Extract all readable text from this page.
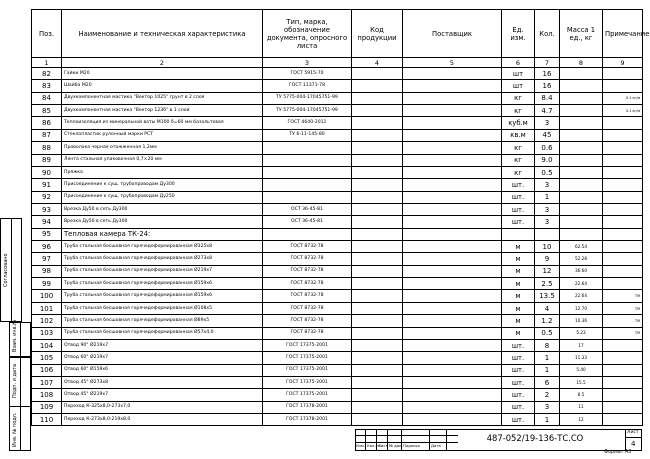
Поз.	Наименование и техническая характеристика	Тип, марка, обозначение документа, опросного листа	Код продукции	Поставщик	Ед. изм.	Кол.	Масса 1 ед., кг	Примечание
1	2	3	4	5	6	7	8	9
82	Гайки М20	ГОСТ 5915-70			шт	16		
83	Шайба М20	ГОСТ 11371-78			шт	16		
84	Двухкомпонентная мастика "Вектор 1025" грунт в 2 слоя	ТУ 5775-004-17045751-99			кг	8.4		0.1 кг/м
85	Двухкомпонентная мастика "Вектор 1236" в 1 слой	ТУ 5775-004-17045751-99			кг	4.7		0.1 кг/м
86	Теплоизоляция из минеральной ваты М100 δ=60 мм базальтовая	ГОСТ 4640-2011			куб.м	3		
87	Стеклопластик рулонный марки РСТ	ТУ 6-11-145-80			кв.м	45		
88	Проволока черная отожженная 1,2мм				кг	0.6		
89	Лента стальная упаковочная 0,7×20 мм				кг	9.0		
90	Пряжка				кг	0.5		
91	Присоединение к сущ. трубопроводам Ду300				шт.	3		
92	Присоединение к сущ. трубопроводам Ду250				шт.	1		
93	Врезка Ду50 в сеть Ду300	ОСТ 36-45-81			шт.	3		
94	Врезка Ду50 в сеть Ду300	ОСТ 36-45-81			шт.	3		
95	Тепловая камера ТК-24:							
96	Труба стальная бесшовная горячедеформированная Ø325х8	ГОСТ 8732-78			м	10	62.54	
97	Труба стальная бесшовная горячедеформированная Ø273х8	ГОСТ 8732-78			м	9	52.28	
98	Труба стальная бесшовная горячедеформированная Ø219х7	ГОСТ 8732-78			м	12	36.60	
99	Труба стальная бесшовная горячедеформированная Ø159х6	ГОСТ 8732-78			м	2.5	22.64	
100	Труба стальная бесшовная горячедеформированная Ø159х6	ГОСТ 8732-78			м	13.5	22.64	ТМ
101	Труба стальная бесшовная горячедеформированная Ø108х5	ГОСТ 8732-78			м	4	12.70	ТМ
102	Труба стальная бесшовная горячедеформированная Ø89х5	ГОСТ 8732-78			м	1.2	10.36	ТМ
103	Труба стальная бесшовная горячедеформированная Ø57х4,0	ГОСТ 8732-78			м	0.5	5.23	ТМ
104	Отвод 90° Ø219х7	ГОСТ 17375-2001			шт.	8	17	
105	Отвод 60° Ø219х7	ГОСТ 17375-2001			шт.	1	11.33	
106	Отвод 60° Ø159х6	ГОСТ 17375-2001			шт.	1	5.40	
107	Отвод 45° Ø273х8	ГОСТ 17375-2001			шт.	6	15.5	
108	Отвод 45° Ø219х7	ГОСТ 17375-2001			шт.	2	8.5	
109	Переход К-325х8,0-273х7,0	ГОСТ 17378-2001			шт.	3	11	
110	Переход К-273х8,0-219х8,0	ГОСТ 17378-2001			шт.	1	12	
Согласовано
Взам. инв.№
Подп. и дата
Инв. № подл.	Изм. Кол.уч
Лист № док. Подпись	Дата
Лист
4
487-052/19-136-ТС.СО
Формат А3
